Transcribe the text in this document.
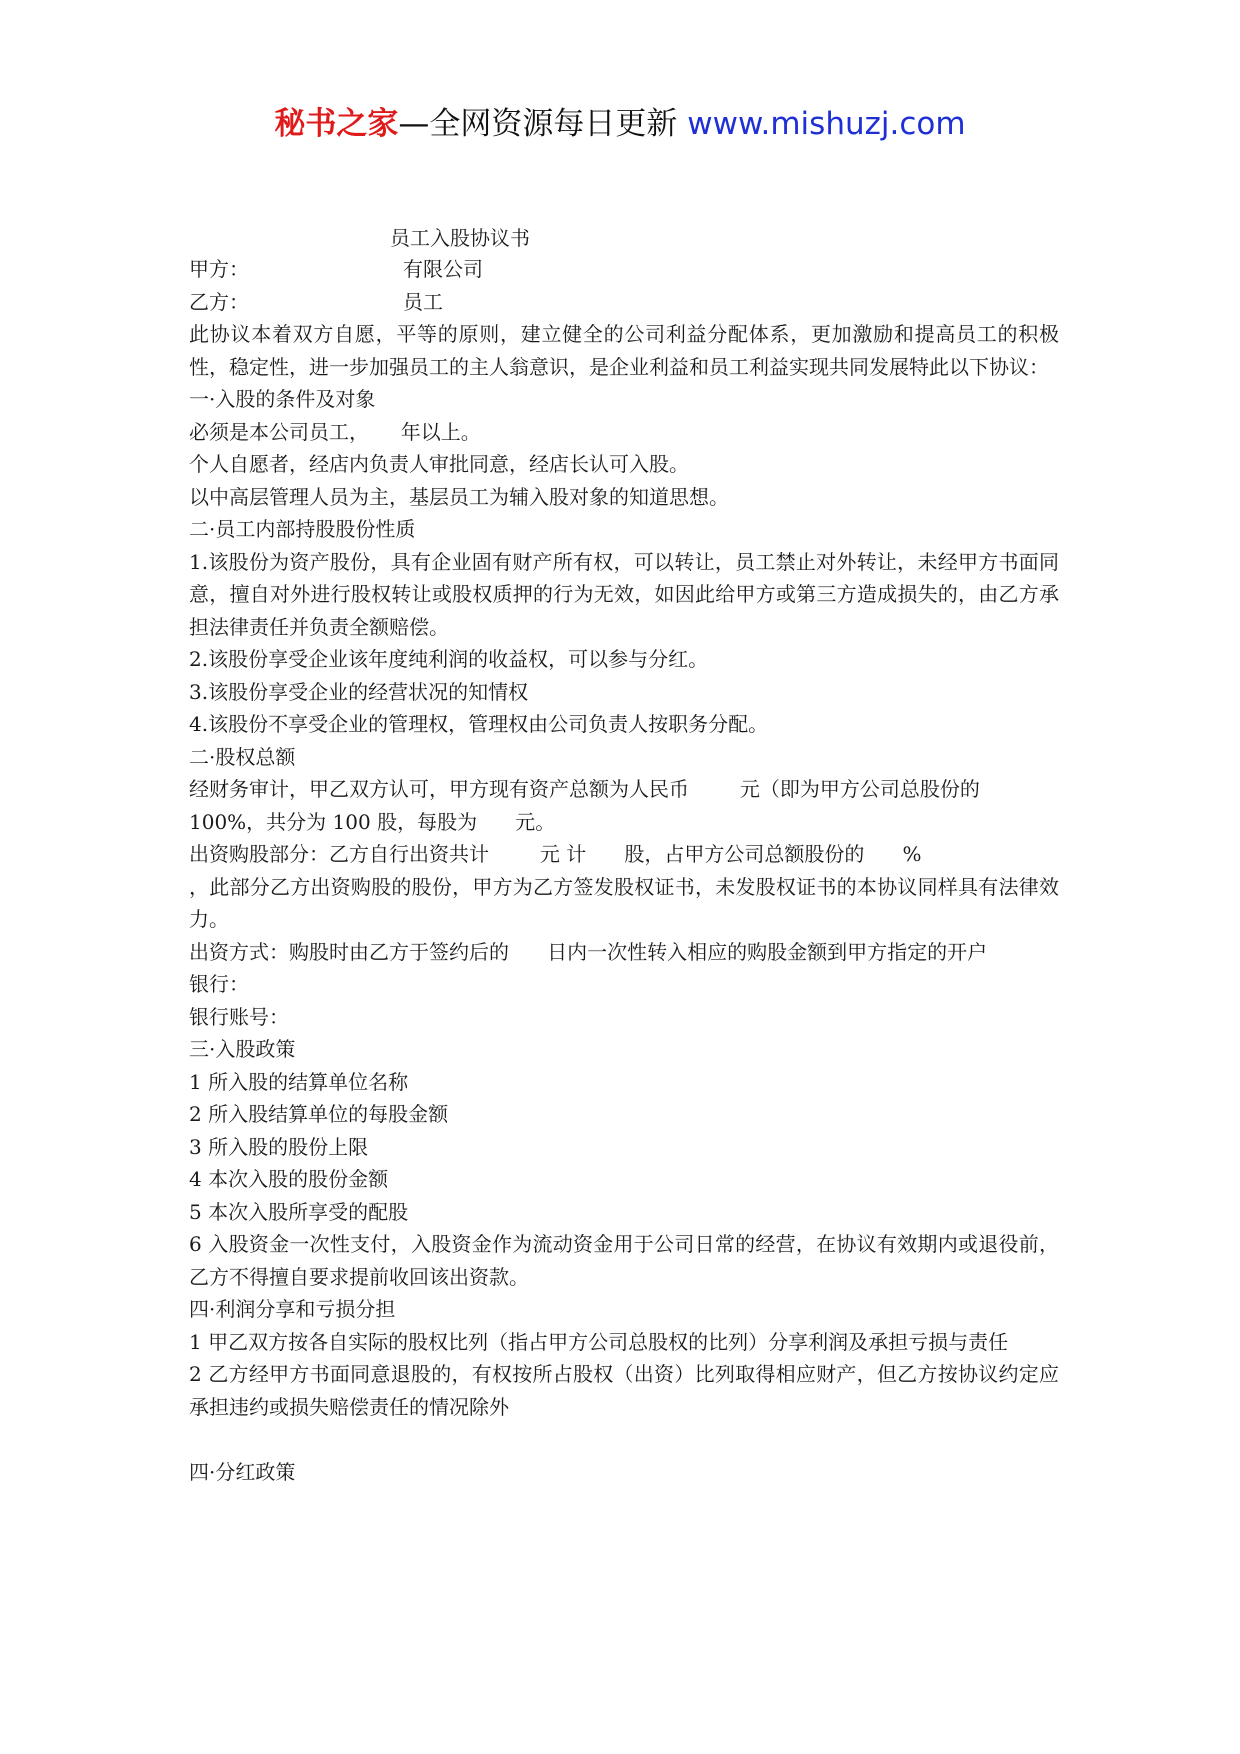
秘书之家—全网资源每日更新 www.mishuzj.com
员工入股协议书
甲方：	有限公司
乙方：	员工
此协议本着双方自愿，平等的原则，建立健全的公司利益分配体系，更加激励和提高员工的积极性，稳定性，进一步加强员工的主人翁意识，是企业利益和员工利益实现共同发展特此以下协议：
一·入股的条件及对象
必须是本公司员工，     年以上。
个人自愿者，经店内负责人审批同意，经店长认可入股。
以中高层管理人员为主，基层员工为辅入股对象的知道思想。
二·员工内部持股股份性质
1.该股份为资产股份，具有企业固有财产所有权，可以转让，员工禁止对外转让，未经甲方书面同意，擅自对外进行股权转让或股权质押的行为无效，如因此给甲方或第三方造成损失的，由乙方承担法律责任并负责全额赔偿。
2.该股份享受企业该年度纯利润的收益权，可以参与分红。
3.该股份享受企业的经营状况的知情权
4.该股份不享受企业的管理权，管理权由公司负责人按职务分配。
二·股权总额
经财务审计，甲乙双方认可，甲方现有资产总额为人民币        元（即为甲方公司总股份的
100%，共分为 100 股，每股为      元。
出资购股部分：乙方自行出资共计        元 计      股，占甲方公司总额股份的      %
，此部分乙方出资购股的股份，甲方为乙方签发股权证书，未发股权证书的本协议同样具有法律效力。
出资方式：购股时由乙方于签约后的      日内一次性转入相应的购股金额到甲方指定的开户
银行：
银行账号：
三·入股政策
1 所入股的结算单位名称
2 所入股结算单位的每股金额
3 所入股的股份上限
4 本次入股的股份金额
5 本次入股所享受的配股
6 入股资金一次性支付，入股资金作为流动资金用于公司日常的经营，在协议有效期内或退役前，乙方不得擅自要求提前收回该出资款。
四·利润分享和亏损分担
1 甲乙双方按各自实际的股权比列（指占甲方公司总股权的比列）分享利润及承担亏损与责任
2 乙方经甲方书面同意退股的，有权按所占股权（出资）比列取得相应财产，但乙方按协议约定应承担违约或损失赔偿责任的情况除外
四·分红政策
